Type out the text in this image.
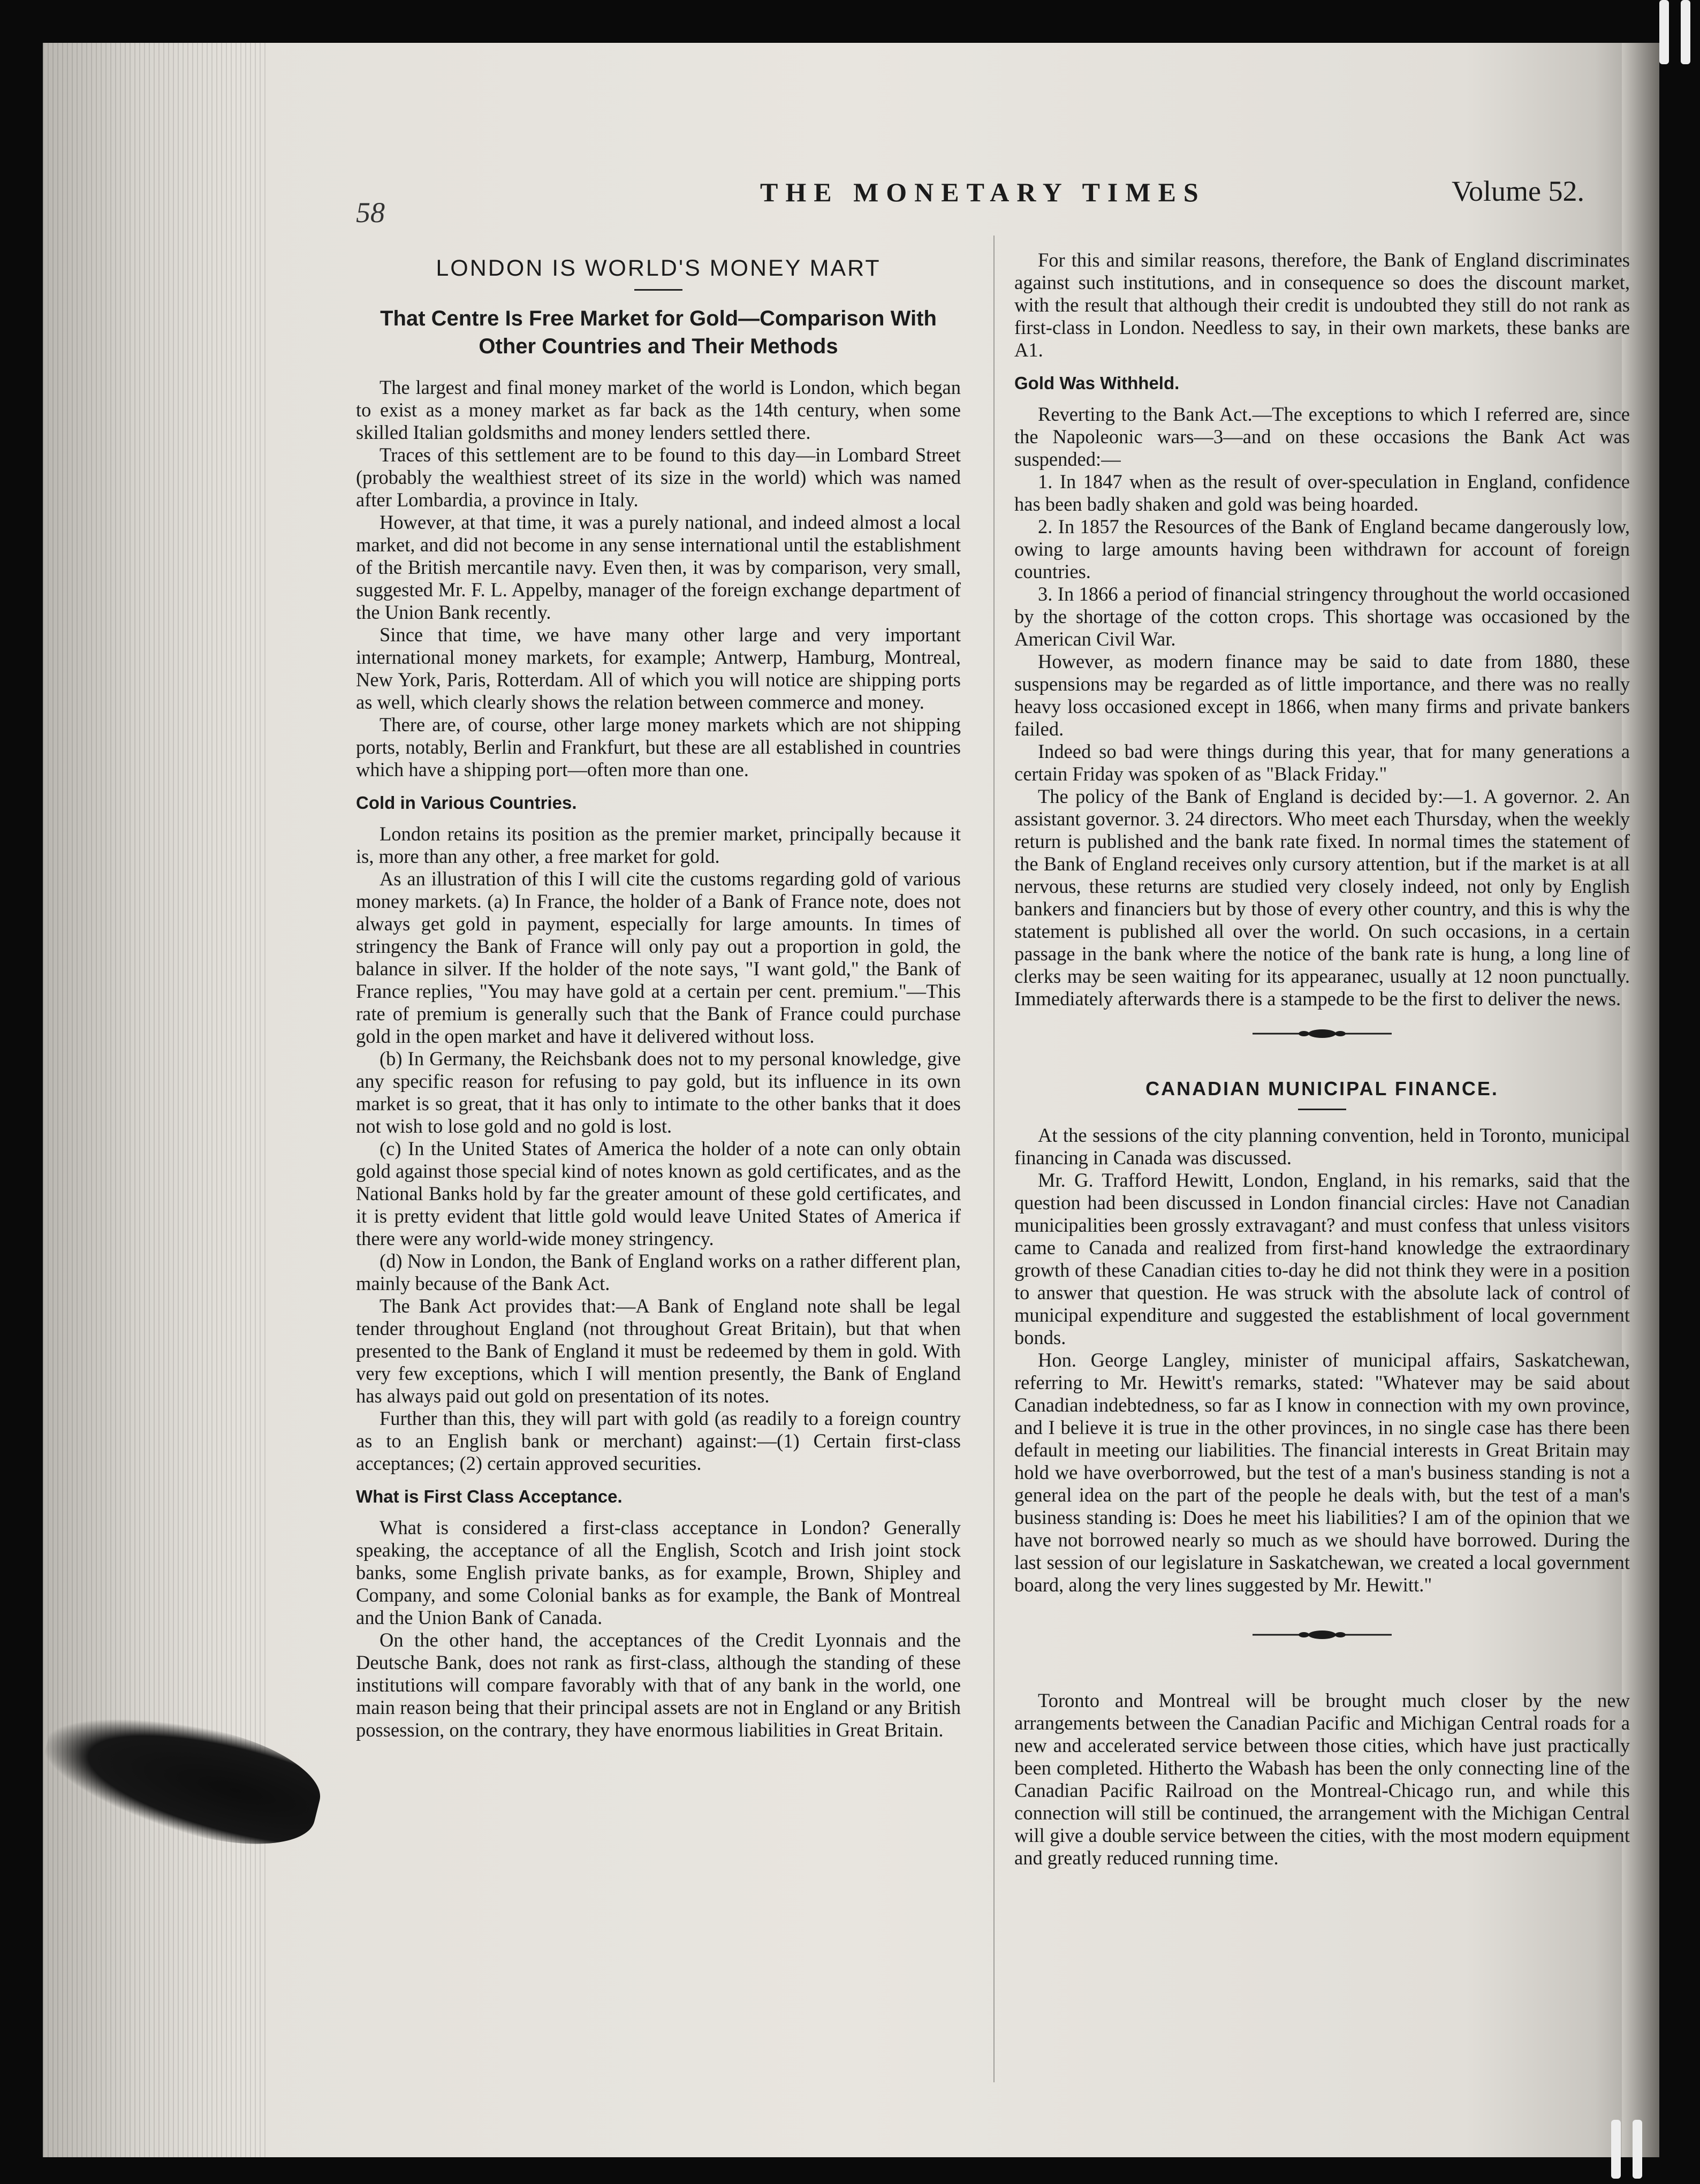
58
THE MONETARY TIMES	Volume 52.
LONDON IS WORLD'S MONEY MART
That Centre Is Free Market for Gold—Comparison With Other Countries and Their Methods

The largest and final money market of the world is London, which began to exist as a money market as far back as the 14th century, when some skilled Italian goldsmiths and money lenders settled there.

Traces of this settlement are to be found to this day—in Lombard Street (probably the wealthiest street of its size in the world) which was named after Lombardia, a province in Italy.

However, at that time, it was a purely national, and indeed almost a local market, and did not become in any sense international until the establishment of the British mercantile navy. Even then, it was by comparison, very small, suggested Mr. F. L. Appelby, manager of the foreign exchange department of the Union Bank recently.

Since that time, we have many other large and very important international money markets, for example; Antwerp, Hamburg, Montreal, New York, Paris, Rotterdam. All of which you will notice are shipping ports as well, which clearly shows the relation between commerce and money.

There are, of course, other large money markets which are not shipping ports, notably, Berlin and Frankfurt, but these are all established in countries which have a shipping port—often more than one.

Cold in Various Countries.

London retains its position as the premier market, principally because it is, more than any other, a free market for gold.

As an illustration of this I will cite the customs regarding gold of various money markets. (a) In France, the holder of a Bank of France note, does not always get gold in payment, especially for large amounts. In times of stringency the Bank of France will only pay out a proportion in gold, the balance in silver. If the holder of the note says, "I want gold," the Bank of France replies, "You may have gold at a certain per cent. premium."—This rate of premium is generally such that the Bank of France could purchase gold in the open market and have it delivered without loss.

(b) In Germany, the Reichsbank does not to my personal knowledge, give any specific reason for refusing to pay gold, but its influence in its own market is so great, that it has only to intimate to the other banks that it does not wish to lose gold and no gold is lost.

(c) In the United States of America the holder of a note can only obtain gold against those special kind of notes known as gold certificates, and as the National Banks hold by far the greater amount of these gold certificates, and it is pretty evident that little gold would leave United States of America if there were any world-wide money stringency.

(d) Now in London, the Bank of England works on a rather different plan, mainly because of the Bank Act.

The Bank Act provides that:—A Bank of England note shall be legal tender throughout England (not throughout Great Britain), but that when presented to the Bank of England it must be redeemed by them in gold. With very few exceptions, which I will mention presently, the Bank of England has always paid out gold on presentation of its notes.

Further than this, they will part with gold (as readily to a foreign country as to an English bank or merchant) against:—(1) Certain first-class acceptances; (2) certain approved securities.

What is First Class Acceptance.

What is considered a first-class acceptance in London? Generally speaking, the acceptance of all the English, Scotch and Irish joint stock banks, some English private banks, as for example, Brown, Shipley and Company, and some Colonial banks as for example, the Bank of Montreal and the Union Bank of Canada.

On the other hand, the acceptances of the Credit Lyonnais and the Deutsche Bank, does not rank as first-class, although the standing of these institutions will compare favorably with that of any bank in the world, one main reason being that their principal assets are not in England or any British possession, on the contrary, they have enormous liabilities in Great Britain.

For this and similar reasons, therefore, the Bank of England discriminates against such institutions, and in consequence so does the discount market, with the result that although their credit is undoubted they still do not rank as first-class in London. Needless to say, in their own markets, these banks are A1.

Gold Was Withheld.

Reverting to the Bank Act.—The exceptions to which I referred are, since the Napoleonic wars—3—and on these occasions the Bank Act was suspended:—

1. In 1847 when as the result of over-speculation in England, confidence has been badly shaken and gold was being hoarded.

2. In 1857 the Resources of the Bank of England became dangerously low, owing to large amounts having been withdrawn for account of foreign countries.

3. In 1866 a period of financial stringency throughout the world occasioned by the shortage of the cotton crops. This shortage was occasioned by the American Civil War.

However, as modern finance may be said to date from 1880, these suspensions may be regarded as of little importance, and there was no really heavy loss occasioned except in 1866, when many firms and private bankers failed.

Indeed so bad were things during this year, that for many generations a certain Friday was spoken of as "Black Friday."

The policy of the Bank of England is decided by:—1. A governor. 2. An assistant governor. 3. 24 directors. Who meet each Thursday, when the weekly return is published and the bank rate fixed. In normal times the statement of the Bank of England receives only cursory attention, but if the market is at all nervous, these returns are studied very closely indeed, not only by English bankers and financiers but by those of every other country, and this is why the statement is published all over the world. On such occasions, in a certain passage in the bank where the notice of the bank rate is hung, a long line of clerks may be seen waiting for its appearanec, usually at 12 noon punctually. Immediately afterwards there is a stampede to be the first to deliver the news.

CANADIAN MUNICIPAL FINANCE.

At the sessions of the city planning convention, held in Toronto, municipal financing in Canada was discussed.

Mr. G. Trafford Hewitt, London, England, in his remarks, said that the question had been discussed in London financial circles: Have not Canadian municipalities been grossly extravagant? and must confess that unless visitors came to Canada and realized from first-hand knowledge the extraordinary growth of these Canadian cities to-day he did not think they were in a position to answer that question. He was struck with the absolute lack of control of municipal expenditure and suggested the establishment of local government bonds.

Hon. George Langley, minister of municipal affairs, Saskatchewan, referring to Mr. Hewitt's remarks, stated: "Whatever may be said about Canadian indebtedness, so far as I know in connection with my own province, and I believe it is true in the other provinces, in no single case has there been default in meeting our liabilities. The financial interests in Great Britain may hold we have overborrowed, but the test of a man's business standing is not a general idea on the part of the people he deals with, but the test of a man's business standing is: Does he meet his liabilities? I am of the opinion that we have not borrowed nearly so much as we should have borrowed. During the last session of our legislature in Saskatchewan, we created a local government board, along the very lines suggested by Mr. Hewitt."

Toronto and Montreal will be brought much closer by the new arrangements between the Canadian Pacific and Michigan Central roads for a new and accelerated service between those cities, which have just practically been completed. Hitherto the Wabash has been the only connecting line of the Canadian Pacific Railroad on the Montreal-Chicago run, and while this connection will still be continued, the arrangement with the Michigan Central will give a double service between the cities, with the most modern equipment and greatly reduced running time.
